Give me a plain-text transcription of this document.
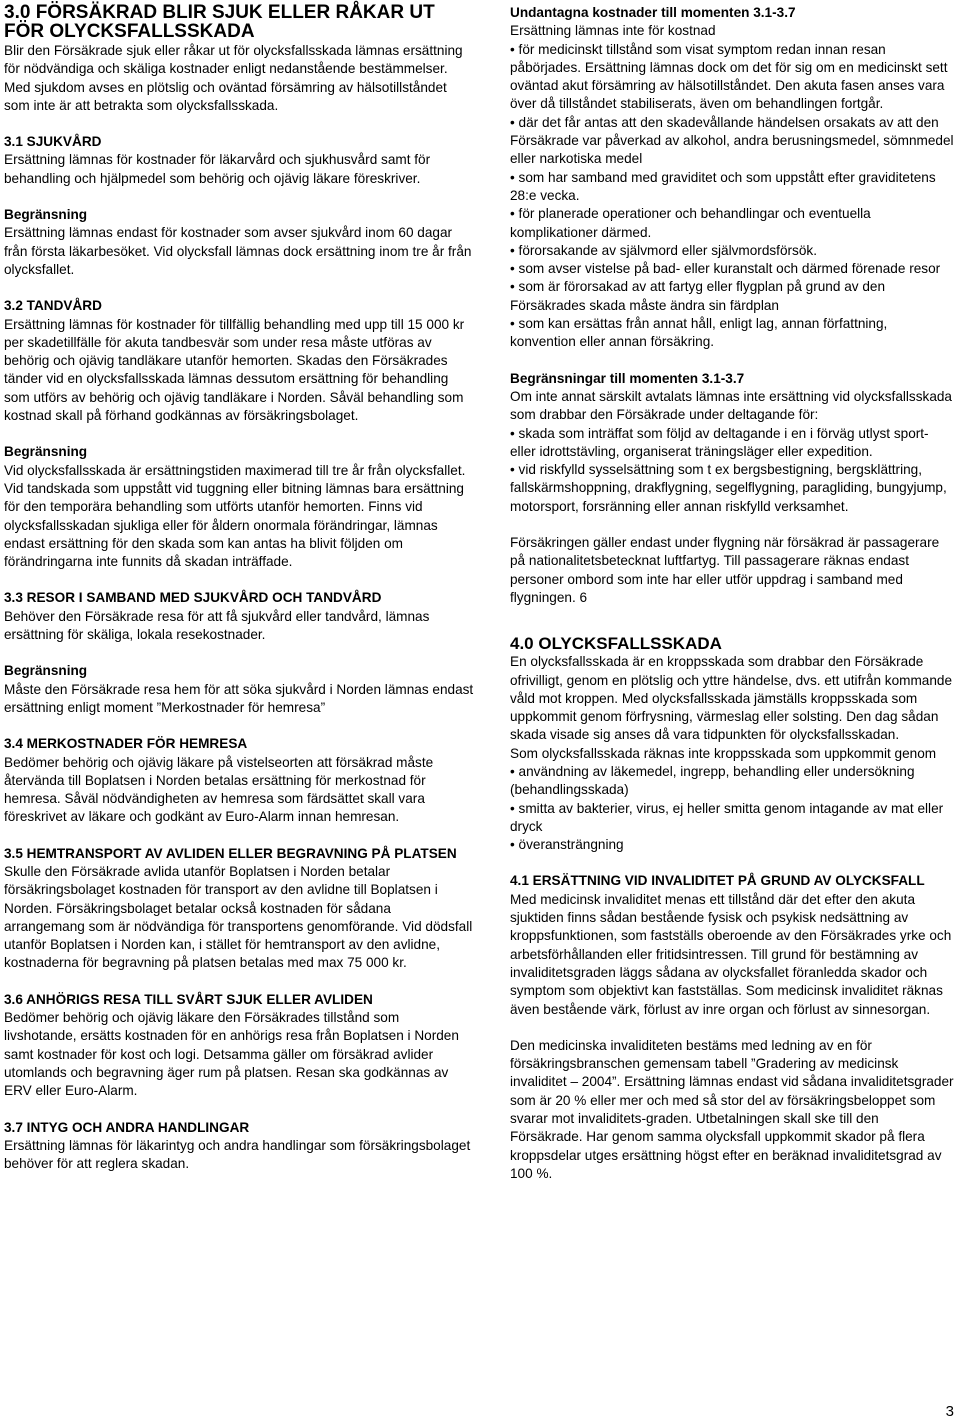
3.0 FÖRSÄKRAD BLIR SJUK ELLER RÅKAR UT FÖR OLYCKSFALLSSKADA

Blir den Försäkrade sjuk eller råkar ut för olycksfallsskada lämnas ersättning för nödvändiga och skäliga kostnader enligt nedanstående bestämmelser. Med sjukdom avses en plötslig och oväntad försämring av hälsotillståndet som inte är att betrakta som olycksfallsskada.

3.1 SJUKVÅRD

Ersättning lämnas för kostnader för läkarvård och sjukhusvård samt för behandling och hjälpmedel som behörig och ojävig läkare föreskriver.

Begränsning

Ersättning lämnas endast för kostnader som avser sjukvård inom 60 dagar från första läkarbesöket. Vid olycksfall lämnas dock ersättning inom tre år från olycksfallet.

3.2 TANDVÅRD

Ersättning lämnas för kostnader för tillfällig behandling med upp till 15 000 kr per skadetillfälle för akuta tandbesvär som under resa måste utföras av behörig och ojävig tandläkare utanför hemorten. Skadas den Försäkrades tänder vid en olycksfallsskada lämnas dessutom ersättning för behandling som utförs av behörig och ojävig tandläkare i Norden. Såväl behandling som kostnad skall på förhand godkännas av försäkringsbolaget.

Begränsning

Vid olycksfallsskada är ersättningstiden maximerad till tre år från olycksfallet. Vid tandskada som uppstått vid tuggning eller bitning lämnas bara ersättning för den temporära behandling som utförts utanför hemorten. Finns vid olycksfallsskadan sjukliga eller för åldern onormala förändringar, lämnas endast ersättning för den skada som kan antas ha blivit följden om förändringarna inte funnits då skadan inträffade.

3.3 RESOR I SAMBAND MED SJUKVÅRD OCH TANDVÅRD

Behöver den Försäkrade resa för att få sjukvård eller tandvård, lämnas ersättning för skäliga, lokala resekostnader.

Begränsning

Måste den Försäkrade resa hem för att söka sjukvård i Norden lämnas endast ersättning enligt moment ”Merkostnader för hemresa”

3.4 MERKOSTNADER FÖR HEMRESA

Bedömer behörig och ojävig läkare på vistelseorten att försäkrad måste återvända till Boplatsen i Norden betalas ersättning för merkostnad för hemresa. Såväl nödvändigheten av hemresa som färdsättet skall vara föreskrivet av läkare och godkänt av Euro-Alarm innan hemresan.

3.5 HEMTRANSPORT AV AVLIDEN ELLER BEGRAVNING PÅ PLATSEN

Skulle den Försäkrade avlida utanför Boplatsen i Norden betalar försäkringsbolaget kostnaden för transport av den avlidne till Boplatsen i Norden. Försäkringsbolaget betalar också kostnaden för sådana arrangemang som är nödvändiga för transportens genomförande. Vid dödsfall utanför Boplatsen i Norden kan, i stället för hemtransport av den avlidne, kostnaderna för begravning på platsen betalas med max 75 000 kr.

3.6 ANHÖRIGS RESA TILL SVÅRT SJUK ELLER AVLIDEN

Bedömer behörig och ojävig läkare den Försäkrades tillstånd som livshotande, ersätts kostnaden för en anhörigs resa från Boplatsen i Norden samt kostnader för kost och logi. Detsamma gäller om försäkrad avlider utomlands och begravning äger rum på platsen. Resan ska godkännas av ERV eller Euro-Alarm.

3.7 INTYG OCH ANDRA HANDLINGAR

Ersättning lämnas för läkarintyg och andra handlingar som försäkringsbolaget behöver för att reglera skadan.

Undantagna kostnader till momenten 3.1-3.7

Ersättning lämnas inte för kostnad

• för medicinskt tillstånd som visat symptom redan innan resan påbörjades. Ersättning lämnas dock om det för sig om en medicinskt sett oväntad akut försämring av hälsotillståndet. Den akuta fasen anses vara över då tillståndet stabiliserats, även om behandlingen fortgår.

• där det får antas att den skadevållande händelsen orsakats av att den Försäkrade var påverkad av alkohol, andra berusningsmedel, sömnmedel eller narkotiska medel

• som har samband med graviditet och som uppstått efter graviditetens 28:e vecka.

• för planerade operationer och behandlingar och eventuella komplikationer därmed.

• förorsakande av självmord eller självmordsförsök.

• som avser vistelse på bad- eller kuranstalt och därmed förenade resor

• som är förorsakad av att fartyg eller flygplan på grund av den Försäkrades skada måste ändra sin färdplan

• som kan ersättas från annat håll, enligt lag, annan författning, konvention eller annan försäkring.

Begränsningar till momenten 3.1-3.7

Om inte annat särskilt avtalats lämnas inte ersättning vid olycksfallsskada som drabbar den Försäkrade under deltagande för:

• skada som inträffat som följd av deltagande i en i förväg utlyst sport- eller idrottstävling, organiserat träningsläger eller expedition.

• vid riskfylld sysselsättning som t ex bergsbestigning, bergsklättring, fallskärmshoppning, drakflygning, segelflygning, paragliding, bungyjump, motorsport, forsränning eller annan riskfylld verksamhet.

Försäkringen gäller endast under flygning när försäkrad är passagerare på nationalitetsbetecknat luftfartyg. Till passagerare räknas endast personer ombord som inte har eller utför uppdrag i samband med flygningen. 6

4.0 OLYCKSFALLSSKADA

En olycksfallsskada är en kroppsskada som drabbar den Försäkrade ofrivilligt, genom en plötslig och yttre händelse, dvs. ett utifrån kommande våld mot kroppen. Med olycksfallsskada jämställs kroppsskada som uppkommit genom förfrysning, värmeslag eller solsting. Den dag sådan skada visade sig anses då vara tidpunkten för olycksfallsskadan.

Som olycksfallsskada räknas inte kroppsskada som uppkommit genom

• användning av läkemedel, ingrepp, behandling eller undersökning (behandlingsskada)

• smitta av bakterier, virus, ej heller smitta genom intagande av mat eller dryck

• överansträngning

4.1 ERSÄTTNING VID INVALIDITET PÅ GRUND AV OLYCKSFALL

Med medicinsk invaliditet menas ett tillstånd där det efter den akuta sjuktiden finns sådan bestående fysisk och psykisk nedsättning av kroppsfunktionen, som fastställs oberoende av den Försäkrades yrke och arbetsförhållanden eller fritidsintressen. Till grund för bestämning av invaliditetsgraden läggs sådana av olycksfallet föranledda skador och symptom som objektivt kan fastställas. Som medicinsk invaliditet räknas även bestående värk, förlust av inre organ och förlust av sinnesorgan.

Den medicinska invaliditeten bestäms med ledning av en för försäkringsbranschen gemensam tabell ”Gradering av medicinsk invaliditet – 2004”. Ersättning lämnas endast vid sådana invaliditetsgrader som är 20 % eller mer och med så stor del av försäkringsbeloppet som svarar mot invaliditets-graden. Utbetalningen skall ske till den Försäkrade. Har genom samma olycksfall uppkommit skador på flera kroppsdelar utges ersättning högst efter en beräknad invaliditetsgrad av 100 %.

3
